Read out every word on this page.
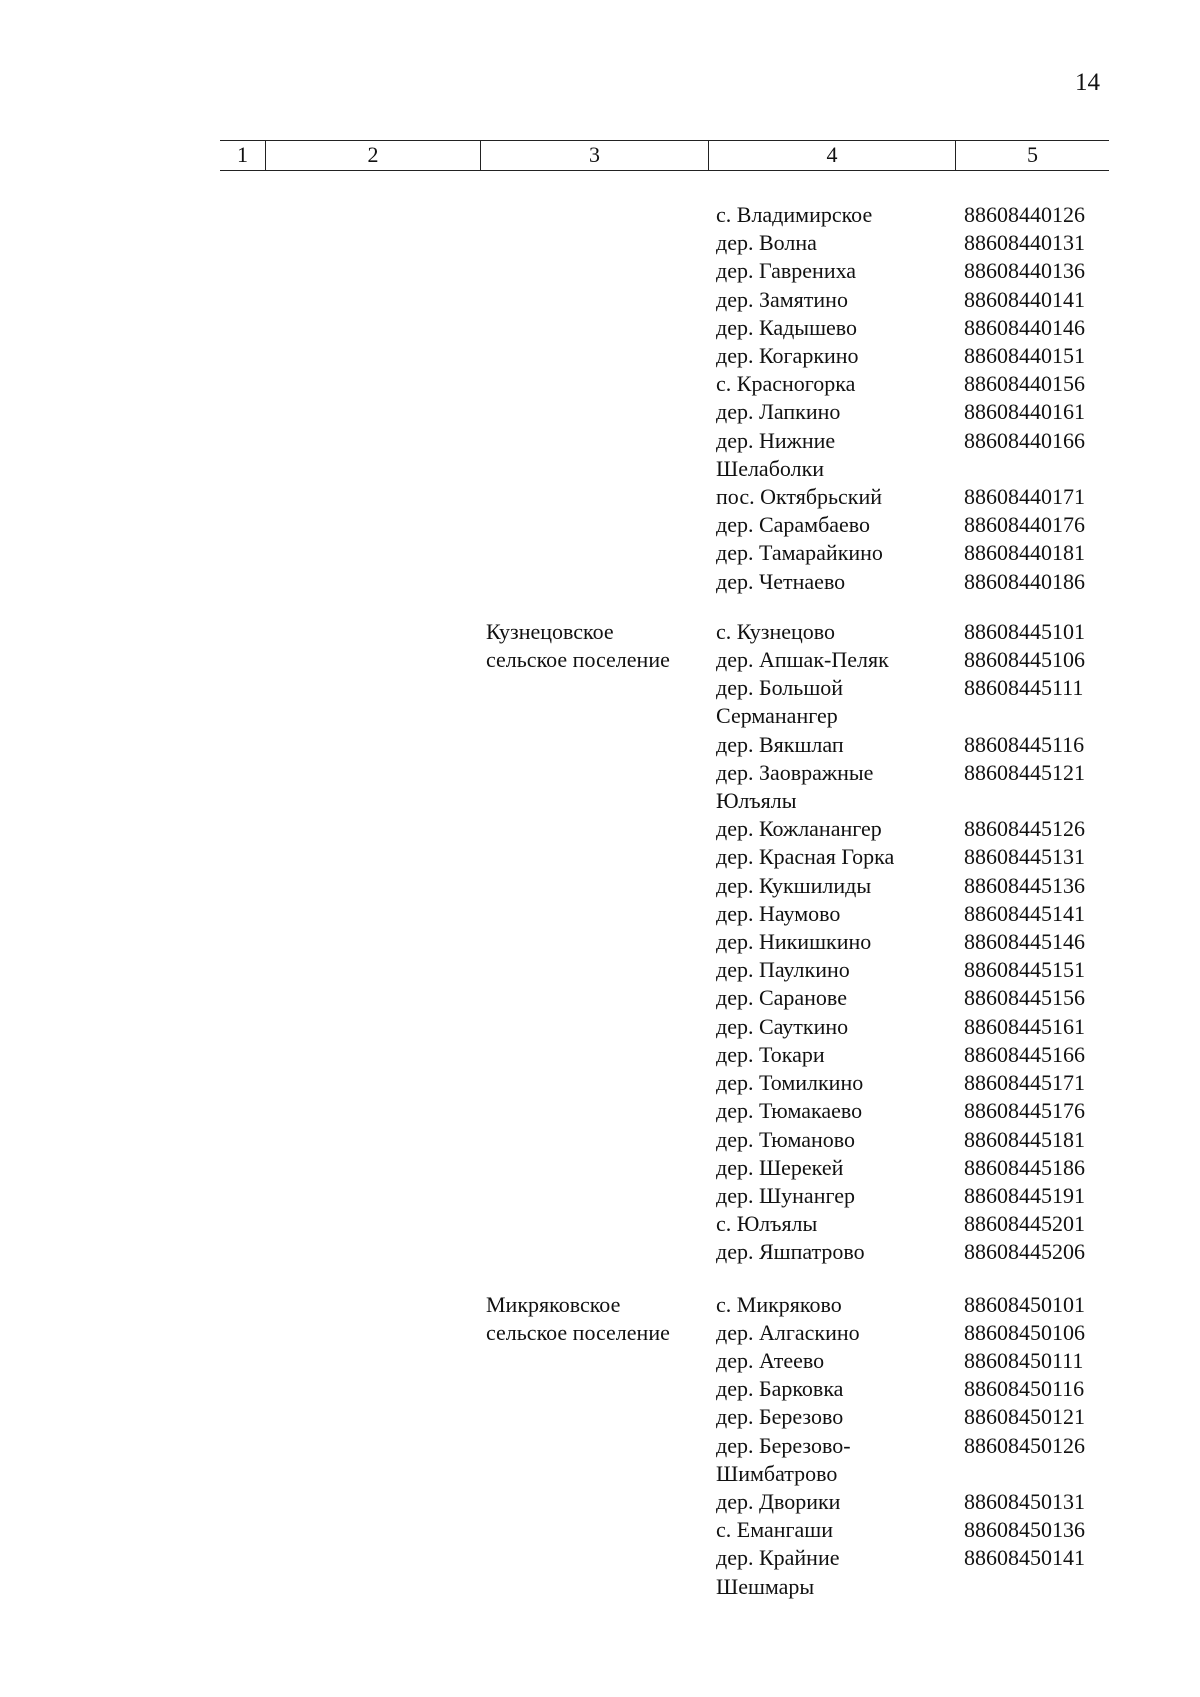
14
1	2	3	4	5
с. Владимирское	88608440126
дер. Волна	88608440131
дер. Гаврениха	88608440136
дер. Замятино	88608440141
дер. Кадышево	88608440146
дер. Когаркино	88608440151
с. Красногорка	88608440156
дер. Лапкино	88608440161
дер. Нижние	88608440166
Шелаболки
пос. Октябрьский	88608440171
дер. Сарамбаево	88608440176
дер. Тамарайкино	88608440181
дер. Четнаево	88608440186
Кузнецовское	с. Кузнецово	88608445101
сельское поселение	дер. Апшак-Пеляк	88608445106
дер. Большой	88608445111
Серманангер
дер. Вякшлап	88608445116
дер. Заовражные	88608445121
Юлъялы
дер. Кожланангер	88608445126
дер. Красная Горка	88608445131
дер. Кукшилиды	88608445136
дер. Наумово	88608445141
дер. Никишкино	88608445146
дер. Паулкино	88608445151
дер. Саранове	88608445156
дер. Сауткино	88608445161
дер. Токари	88608445166
дер. Томилкино	88608445171
дер. Тюмакаево	88608445176
дер. Тюманово	88608445181
дер. Шерекей	88608445186
дер. Шунангер	88608445191
с. Юлъялы	88608445201
дер. Яшпатрово	88608445206
Микряковское	с. Микряково	88608450101
сельское поселение	дер. Алгаскино	88608450106
дер. Атеево	88608450111
дер. Барковка	88608450116
дер. Березово	88608450121
дер. Березово-	88608450126
Шимбатрово
дер. Дворики	88608450131
с. Емангаши	88608450136
дер. Крайние	88608450141
Шешмары
